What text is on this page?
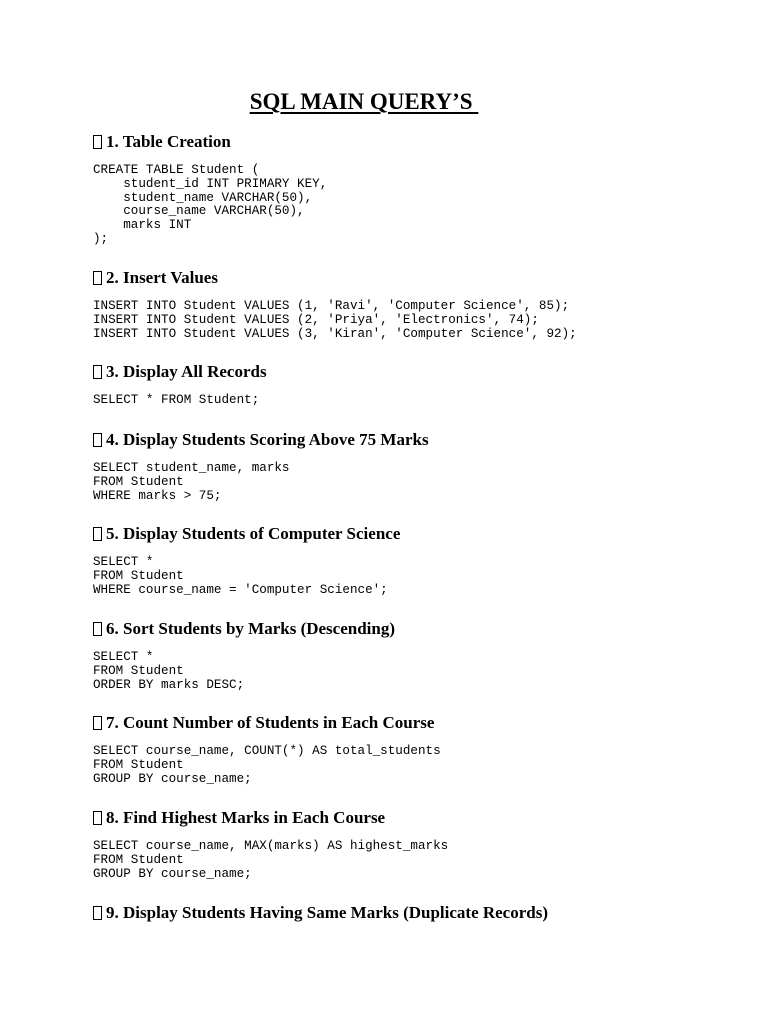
SQL MAIN QUERY’S
1. Table Creation
CREATE TABLE Student (
student_id INT PRIMARY KEY,
student_name VARCHAR(50),
course_name VARCHAR(50),
marks INT
);
2. Insert Values
INSERT INTO Student VALUES (1, 'Ravi', 'Computer Science', 85);
INSERT INTO Student VALUES (2, 'Priya', 'Electronics', 74);
INSERT INTO Student VALUES (3, 'Kiran', 'Computer Science', 92);
3. Display All Records
SELECT * FROM Student;
4. Display Students Scoring Above 75 Marks
SELECT student_name, marks
FROM Student
WHERE marks > 75;
5. Display Students of Computer Science
SELECT *
FROM Student
WHERE course_name = 'Computer Science';
6. Sort Students by Marks (Descending)
SELECT *
FROM Student
ORDER BY marks DESC;
7. Count Number of Students in Each Course
SELECT course_name, COUNT(*) AS total_students
FROM Student
GROUP BY course_name;
8. Find Highest Marks in Each Course
SELECT course_name, MAX(marks) AS highest_marks
FROM Student
GROUP BY course_name;
9. Display Students Having Same Marks (Duplicate Records)
